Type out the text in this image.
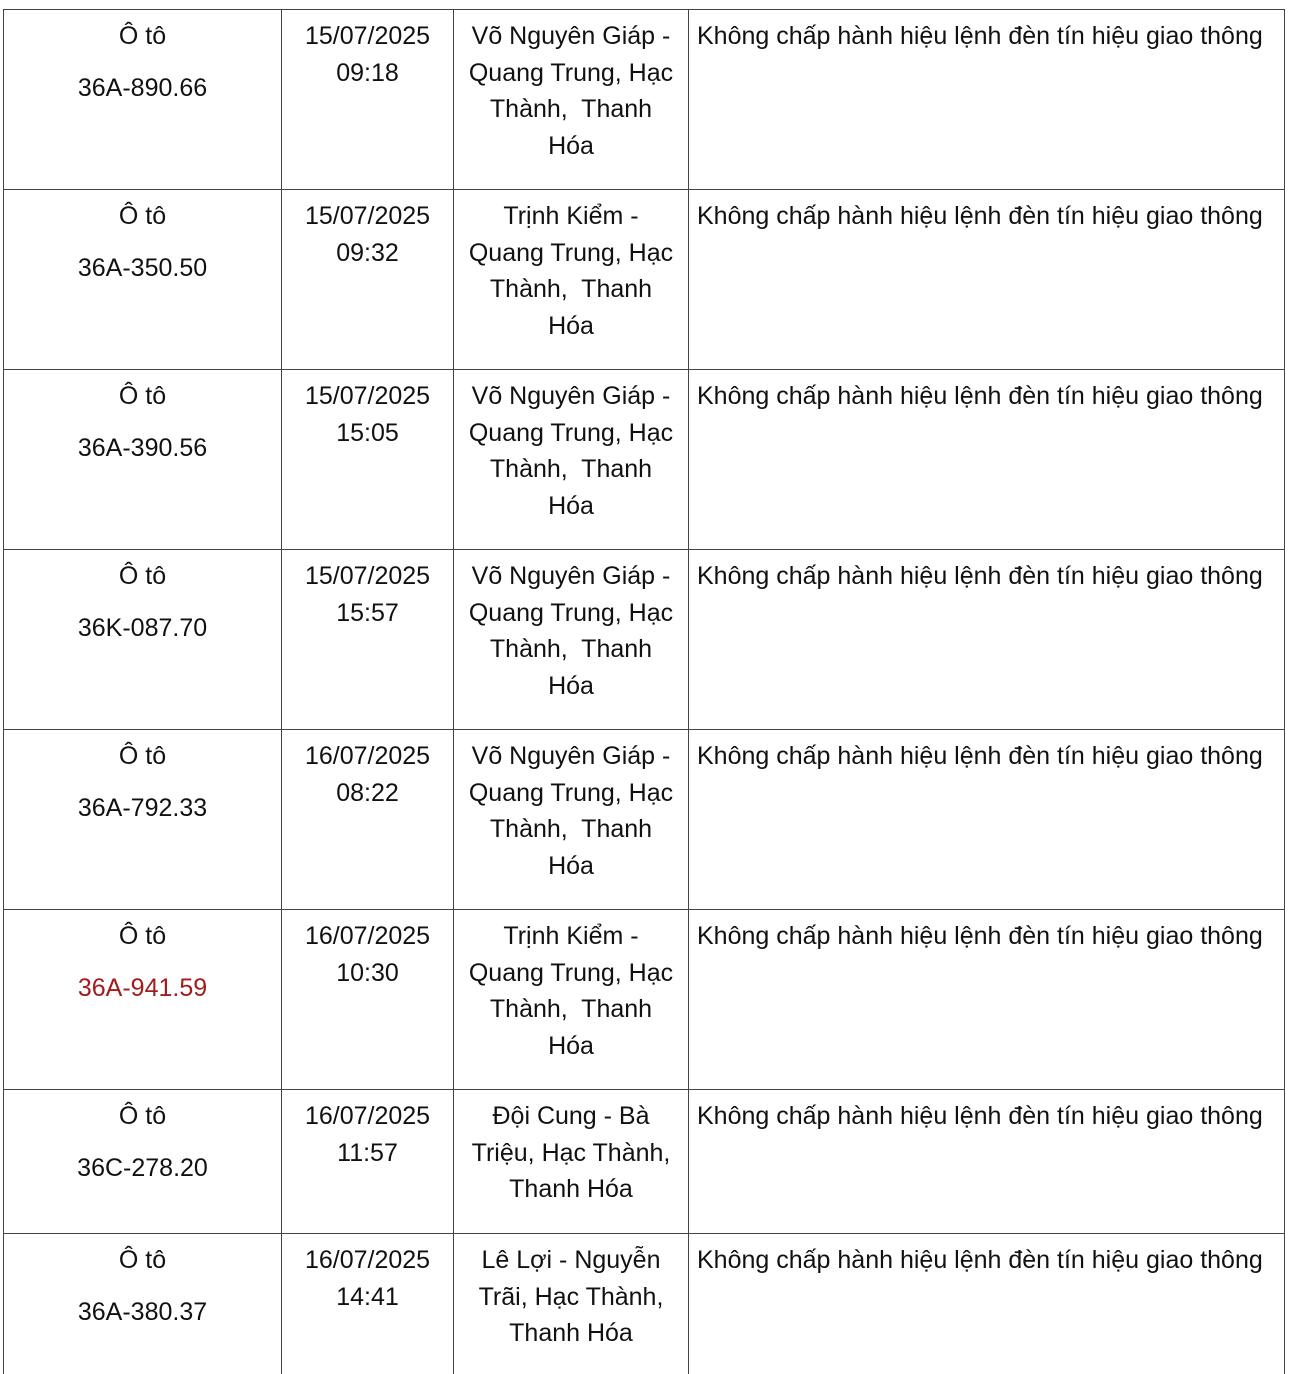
Ô tô
36A-890.66
15/07/2025
09:18
Võ Nguyên Giáp -
Quang Trung, Hạc
Thành,  Thanh
Hóa
Không chấp hành hiệu lệnh đèn tín hiệu giao thông
Ô tô
36A-350.50
15/07/2025
09:32
Trịnh Kiểm -
Quang Trung, Hạc
Thành,  Thanh
Hóa
Không chấp hành hiệu lệnh đèn tín hiệu giao thông
Ô tô
36A-390.56
15/07/2025
15:05
Võ Nguyên Giáp -
Quang Trung, Hạc
Thành,  Thanh
Hóa
Không chấp hành hiệu lệnh đèn tín hiệu giao thông
Ô tô
36K-087.70
15/07/2025
15:57
Võ Nguyên Giáp -
Quang Trung, Hạc
Thành,  Thanh
Hóa
Không chấp hành hiệu lệnh đèn tín hiệu giao thông
Ô tô
36A-792.33
16/07/2025
08:22
Võ Nguyên Giáp -
Quang Trung, Hạc
Thành,  Thanh
Hóa
Không chấp hành hiệu lệnh đèn tín hiệu giao thông
Ô tô
36A-941.59
16/07/2025
10:30
Trịnh Kiểm -
Quang Trung, Hạc
Thành,  Thanh
Hóa
Không chấp hành hiệu lệnh đèn tín hiệu giao thông
Ô tô
36C-278.20
16/07/2025
11:57
Đội Cung - Bà
Triệu, Hạc Thành,
Thanh Hóa
Không chấp hành hiệu lệnh đèn tín hiệu giao thông
Ô tô
36A-380.37
16/07/2025
14:41
Lê Lợi - Nguyễn
Trãi, Hạc Thành,
Thanh Hóa
Không chấp hành hiệu lệnh đèn tín hiệu giao thông
